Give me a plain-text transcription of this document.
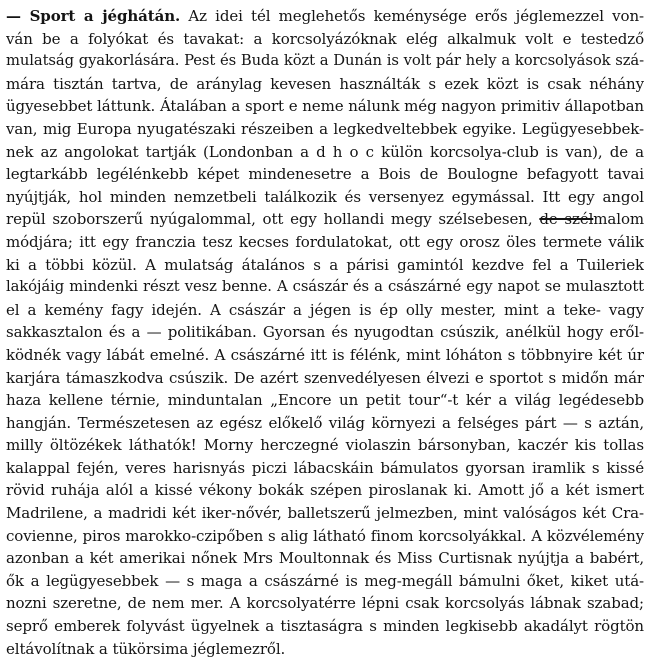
— Sport a jéghátán. Az idei tél meglehetős keménysége erős jéglemezzel von-
ván be a folyókat és tavakat: a korcsolyázóknak elég alkalmuk volt e testedző
mulatság gyakorlására. Pest és Buda közt a Dunán is volt pár hely a korcsolyások szá-
mára tisztán tartva, de aránylag kevesen használták s ezek közt is csak néhány
ügyesebbet láttunk. Átalában a sport e neme nálunk még nagyon primitiv állapotban
van, mig Europa nyugatészaki részeiben a legkedveltebbek egyike. Legügyesebbek-
nek az angolokat tartják (Londonban a d h o c külön korcsolya-club is van), de a
legtarkább legélénkebb képet mindenesetre a Bois de Boulogne befagyott tavai
nyújtják, hol minden nemzetbeli találkozik és versenyez egymással. Itt egy angol
repül szoborszerű nyúgalommal, ott egy hollandi megy szélsebesen, de szélmalom
módjára; itt egy franczia tesz kecses fordulatokat, ott egy orosz öles termete válik
ki a többi közül. A mulatság átalános s a párisi gamintól kezdve fel a Tuileriek
lakójáig mindenki részt vesz benne. A császár és a császárné egy napot se mulasztott
el a kemény fagy idején. A császár a jégen is ép olly mester, mint a teke- vagy
sakkasztalon és a — politikában. Gyorsan és nyugodtan csúszik, anélkül hogy eről-
ködnék vagy lábát emelné. A császárné itt is félénk, mint lóháton s többnyire két úr
karjára támaszkodva csúszik. De azért szenvedélyesen élvezi e sportot s midőn már
haza kellene térnie, minduntalan „Encore un petit tour“-t kér a világ legédesebb
hangján. Természetesen az egész előkelő világ környezi a felséges párt — s aztán,
milly öltözékek láthatók! Morny herczegné violaszin bársonyban, kaczér kis tollas
kalappal fején, veres harisnyás piczi lábacskáin bámulatos gyorsan iramlik s kissé
rövid ruhája alól a kissé vékony bokák szépen piroslanak ki. Amott jő a két ismert
Madrilene, a madridi két iker-nővér, balletszerű jelmezben, mint valóságos két Cra-
covienne, piros marokko-czipőben s alig látható finom korcsolyákkal. A közvélemény
azonban a két amerikai nőnek Mrs Moultonnak és Miss Curtisnak nyújtja a babért,
ők a legügyesebbek — s maga a császárné is meg-megáll bámulni őket, kiket utá-
nozni szeretne, de nem mer. A korcsolyatérre lépni csak korcsolyás lábnak szabad;
seprő emberek folyvást ügyelnek a tisztaságra s minden legkisebb akadályt rögtön
eltávolítnak a tükörsima jéglemezről.
